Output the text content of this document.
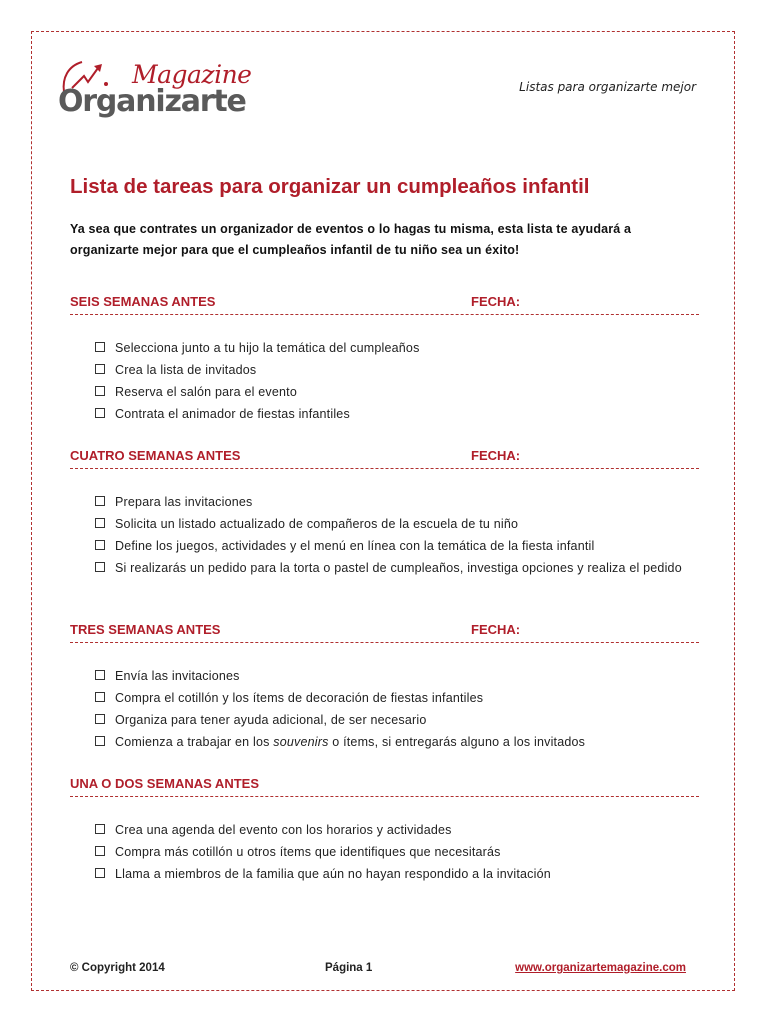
Magazine
Organizarte	Listas para organizarte mejor
Lista de tareas para organizar un cumpleaños infantil

Ya sea que contrates un organizador de eventos o lo hagas tu misma, esta lista te ayudará a organizarte mejor para que el cumpleaños infantil de tu niño sea un éxito!

SEIS SEMANAS ANTES	FECHA:
Selecciona junto a tu hijo la temática del cumpleaños
Crea la lista de invitados
Reserva el salón para el evento
Contrata el animador de fiestas infantiles
CUATRO SEMANAS ANTES	FECHA:
Prepara las invitaciones
Solicita un listado actualizado de compañeros de la escuela de tu niño
Define los juegos, actividades y el menú en línea con la temática de la fiesta infantil
Si realizarás un pedido para la torta o pastel de cumpleaños, investiga opciones y realiza el pedido
TRES SEMANAS ANTES	FECHA:
Envía las invitaciones
Compra el cotillón y los ítems de decoración de fiestas infantiles
Organiza para tener ayuda adicional, de ser necesario
Comienza a trabajar en los souvenirs o ítems, si entregarás alguno a los invitados
UNA O DOS SEMANAS ANTES
Crea una agenda del evento con los horarios y actividades
Compra más cotillón u otros ítems que identifiques que necesitarás
Llama a miembros de la familia que aún no hayan respondido a la invitación
© Copyright 2014	Página 1	www.organizartemagazine.com
